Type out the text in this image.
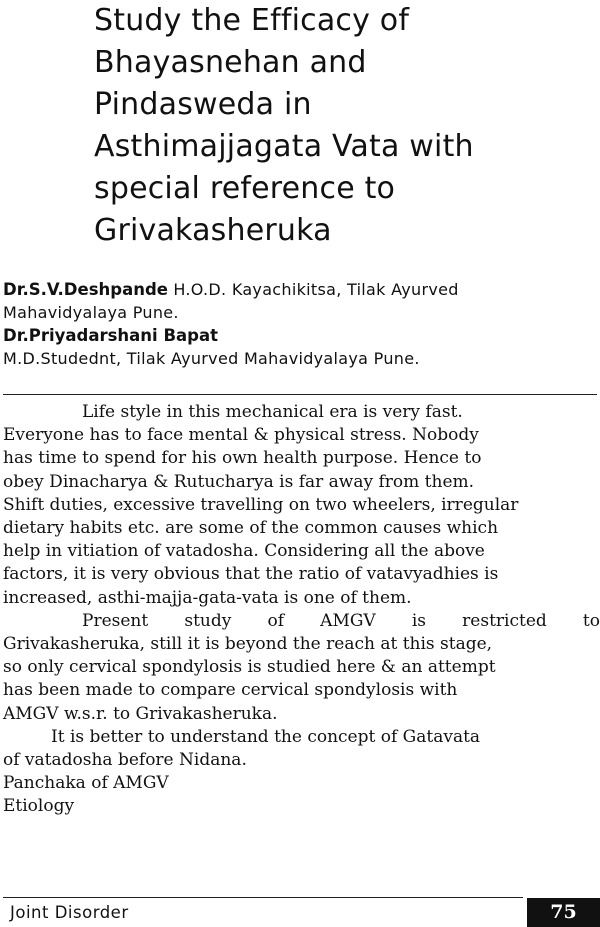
Study the Efficacy of
Bhayasnehan and
Pindasweda in
Asthimajjagata Vata with
special reference to
Grivakasheruka
Dr.S.V.Deshpande H.O.D. Kayachikitsa, Tilak Ayurved
Mahavidyalaya Pune.
Dr.Priyadarshani Bapat
M.D.Studednt, Tilak Ayurved Mahavidyalaya Pune.
Life style in this mechanical era is very fast.
Everyone has to face mental & physical stress. Nobody
has time to spend for his own health purpose. Hence to
obey Dinacharya & Rutucharya is far away from them.
Shift duties, excessive travelling on two wheelers, irregular
dietary habits etc. are some of the common causes which
help in vitiation of vatadosha. Considering all the above
factors, it is very obvious that the ratio of vatavyadhies is
increased, asthi-majja-gata-vata is one of them.
Present study of AMGV is restricted to
Grivakasheruka, still it is beyond the reach at this stage,
so only cervical spondylosis is studied here & an attempt
has been made to compare cervical spondylosis with
AMGV w.s.r. to Grivakasheruka.
It is better to understand the concept of Gatavata
of vatadosha before Nidana.
Panchaka of AMGV
Etiology
Joint Disorder	75
